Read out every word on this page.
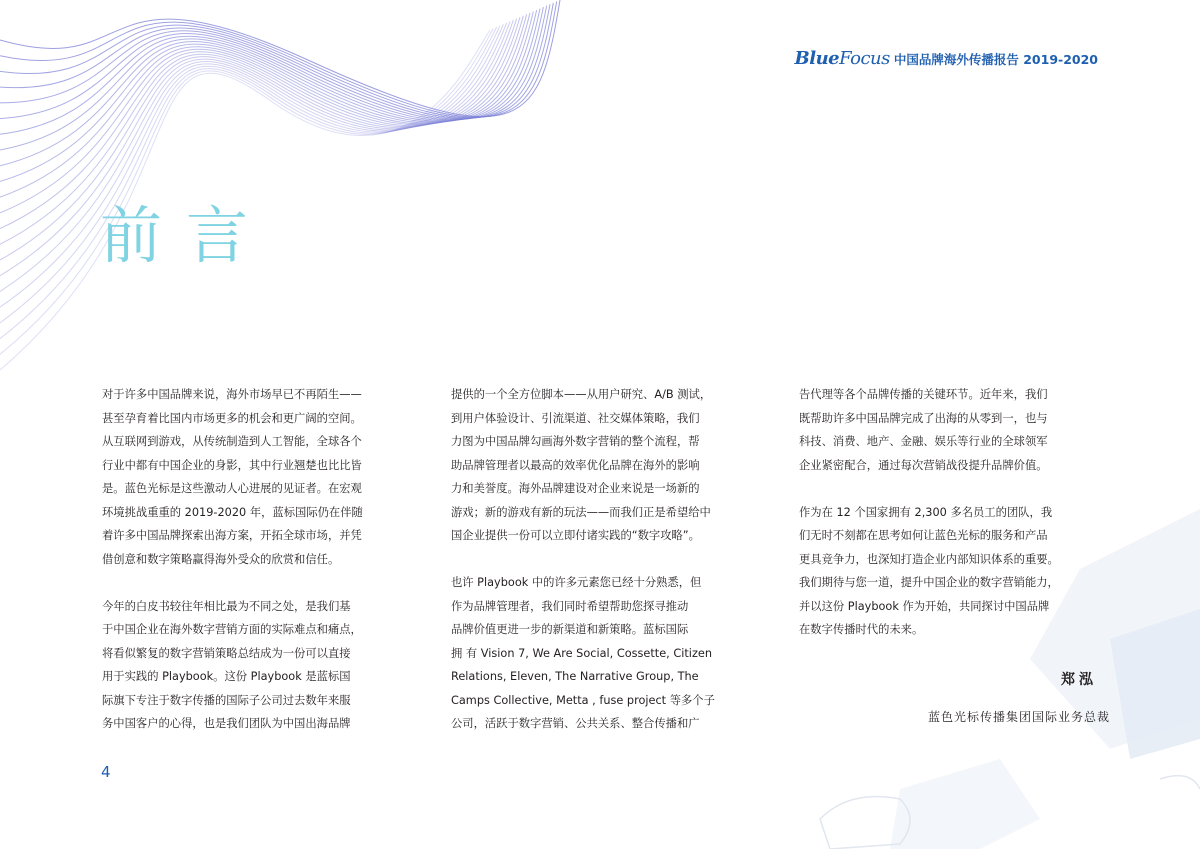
BlueFocus 中国品牌海外传播报告 2019-2020
前言
对于许多中国品牌来说，海外市场早已不再陌生——
甚至孕育着比国内市场更多的机会和更广阔的空间。
从互联网到游戏，从传统制造到人工智能，全球各个
行业中都有中国企业的身影，其中行业翘楚也比比皆
是。蓝色光标是这些激动人心进展的见证者。在宏观
环境挑战重重的 2019-2020 年，蓝标国际仍在伴随
着许多中国品牌探索出海方案，开拓全球市场，并凭
借创意和数字策略赢得海外受众的欣赏和信任。
今年的白皮书较往年相比最为不同之处，是我们基
于中国企业在海外数字营销方面的实际难点和痛点，
将看似繁复的数字营销策略总结成为一份可以直接
用于实践的 Playbook。这份 Playbook 是蓝标国
际旗下专注于数字传播的国际子公司过去数年来服
务中国客户的心得，也是我们团队为中国出海品牌
提供的一个全方位脚本——从用户研究、A/B 测试，
到用户体验设计、引流渠道、社交媒体策略，我们
力图为中国品牌勾画海外数字营销的整个流程，帮
助品牌管理者以最高的效率优化品牌在海外的影响
力和美誉度。海外品牌建设对企业来说是一场新的
游戏；新的游戏有新的玩法——而我们正是希望给中
国企业提供一份可以立即付诸实践的“数字攻略”。
也许 Playbook 中的许多元素您已经十分熟悉，但
作为品牌管理者，我们同时希望帮助您探寻推动
品牌价值更进一步的新渠道和新策略。蓝标国际
拥 有 Vision 7, We Are Social, Cossette, Citizen
Relations, Eleven, The Narrative Group, The
Camps Collective, Metta , fuse project 等多个子
公司，活跃于数字营销、公共关系、整合传播和广
告代理等各个品牌传播的关键环节。近年来，我们
既帮助许多中国品牌完成了出海的从零到一，也与
科技、消费、地产、金融、娱乐等行业的全球领军
企业紧密配合，通过每次营销战役提升品牌价值。
作为在 12 个国家拥有 2,300 多名员工的团队，我
们无时不刻都在思考如何让蓝色光标的服务和产品
更具竞争力，也深知打造企业内部知识体系的重要。
我们期待与您一道，提升中国企业的数字营销能力，
并以这份 Playbook 作为开始，共同探讨中国品牌
在数字传播时代的未来。
郑泓
蓝色光标传播集团国际业务总裁
4
